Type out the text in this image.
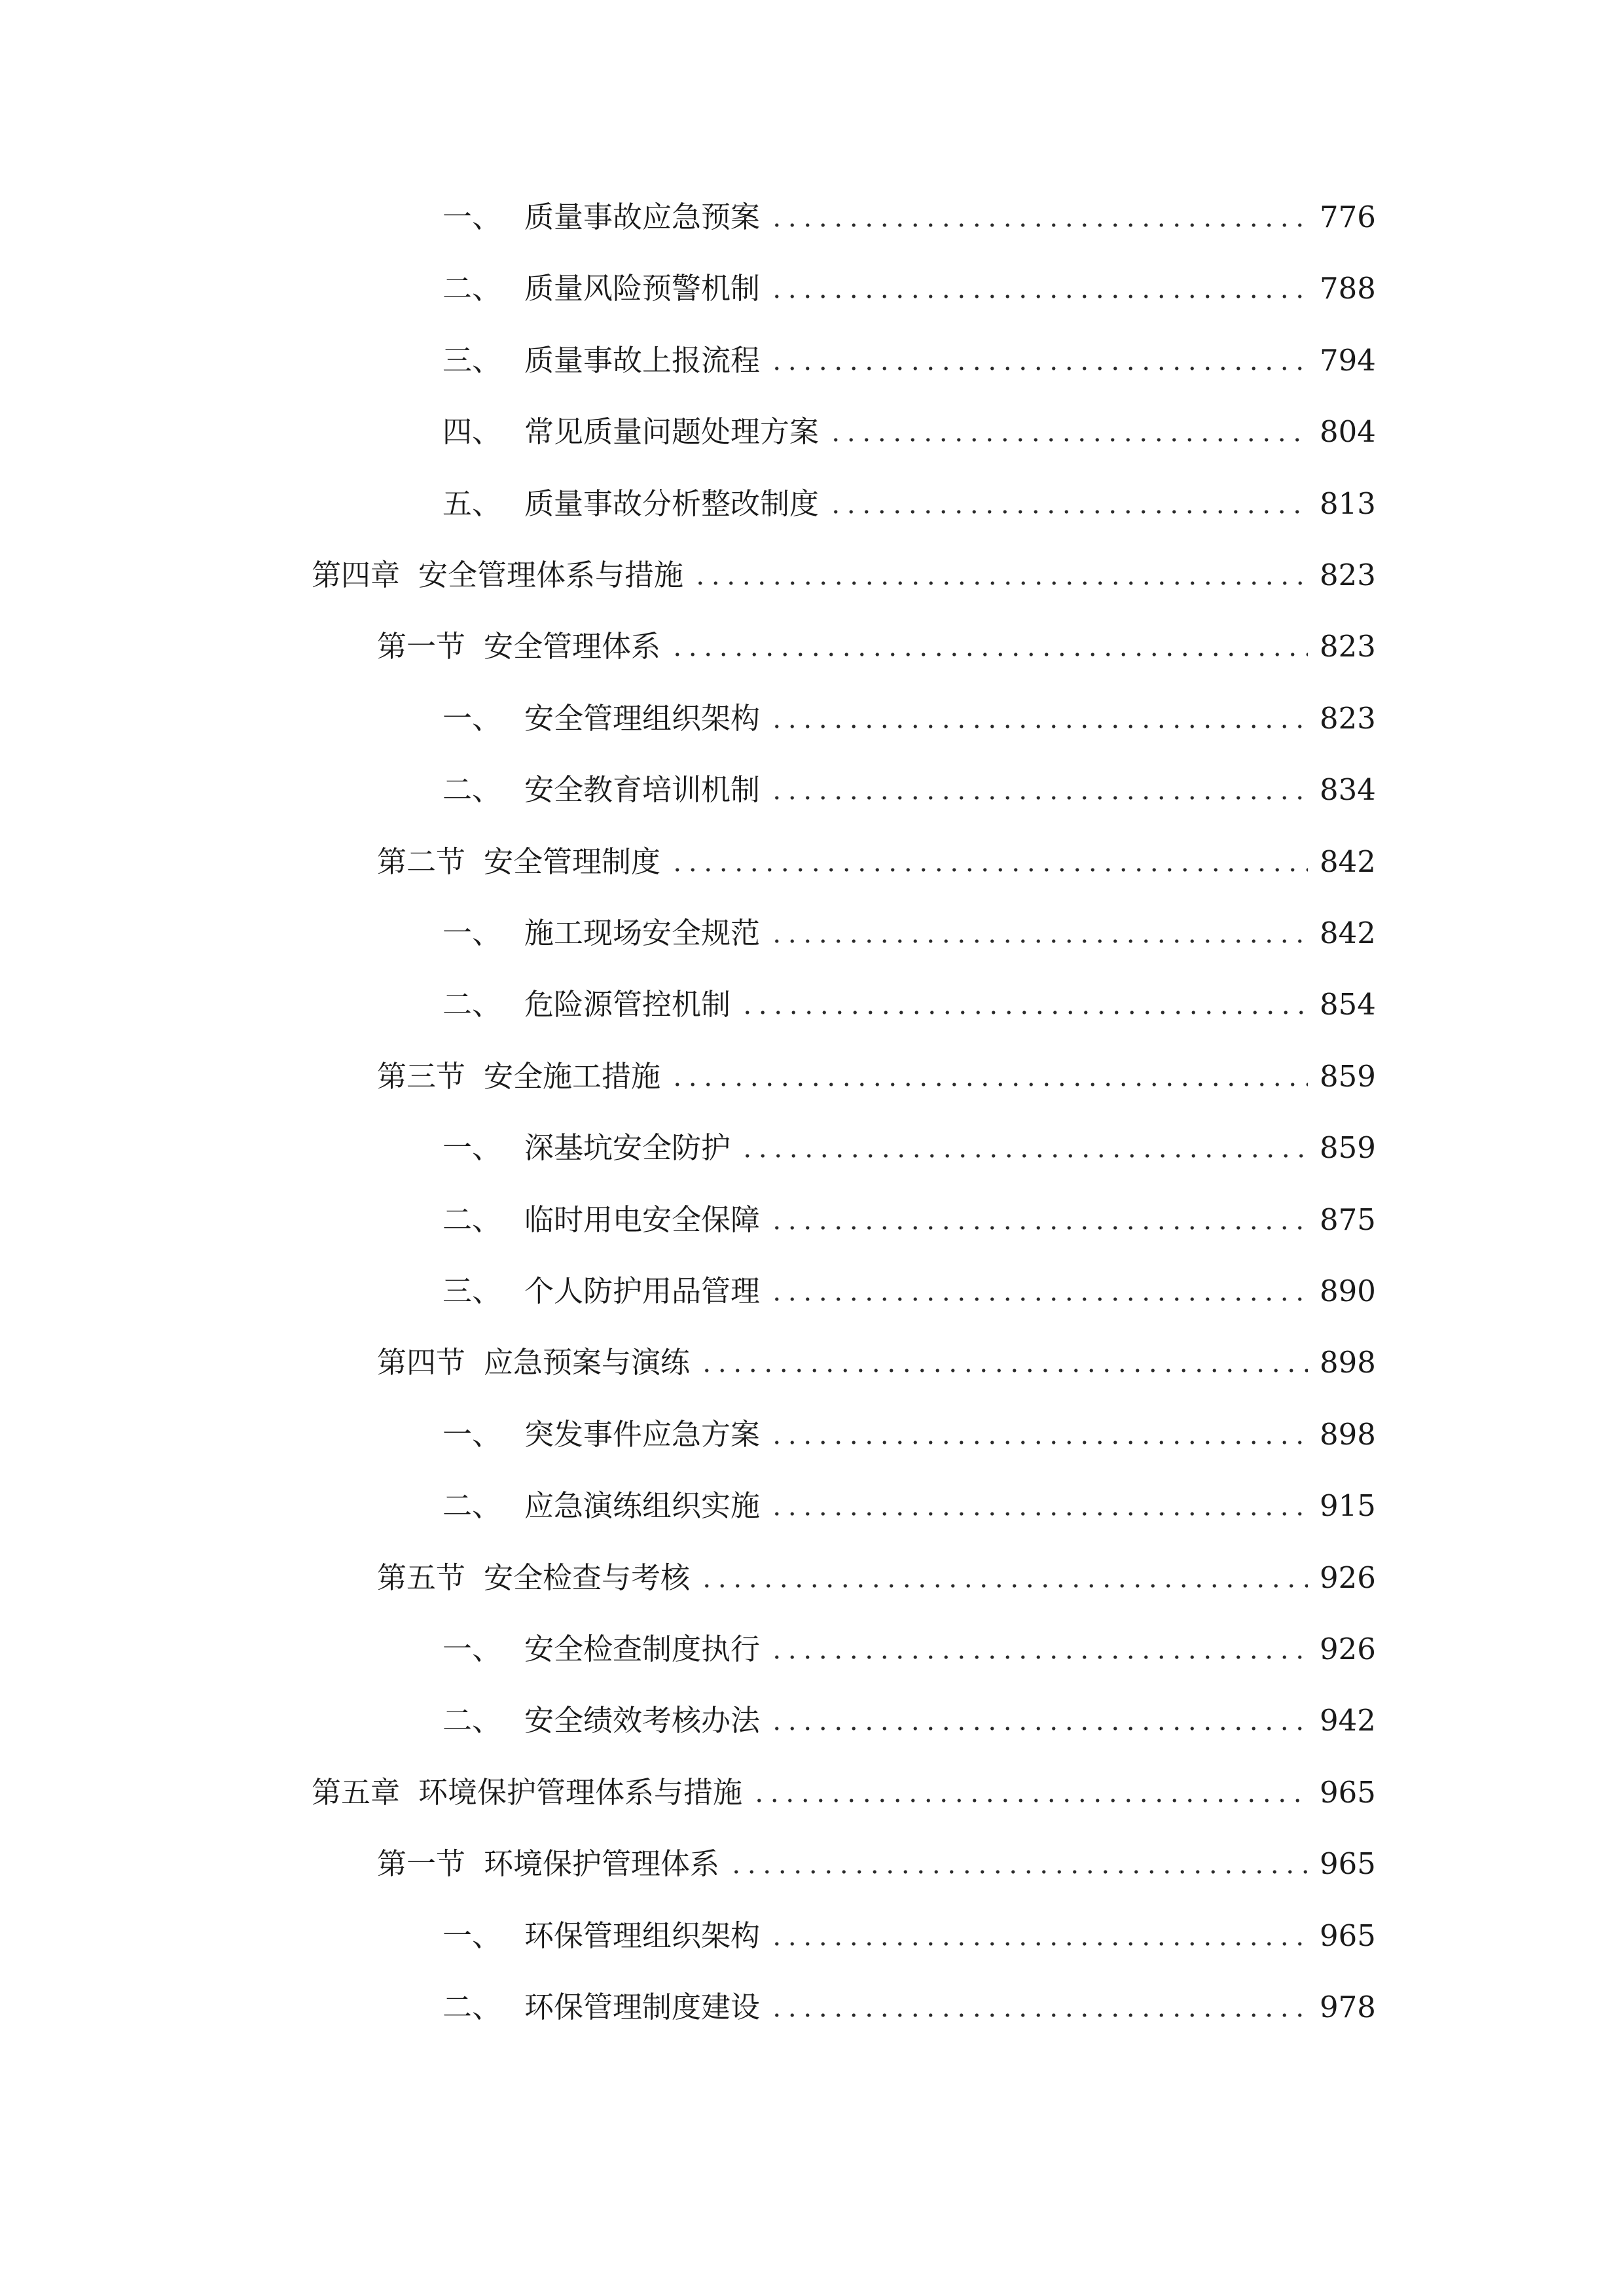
一、 质量事故应急预案	776
二、 质量风险预警机制	788
三、 质量事故上报流程	794
四、 常见质量问题处理方案	804
五、 质量事故分析整改制度	813
第四章 安全管理体系与措施	823
第一节 安全管理体系	823
一、 安全管理组织架构	823
二、 安全教育培训机制	834
第二节 安全管理制度	842
一、 施工现场安全规范	842
二、 危险源管控机制	854
第三节 安全施工措施	859
一、 深基坑安全防护	859
二、 临时用电安全保障	875
三、 个人防护用品管理	890
第四节 应急预案与演练	898
一、 突发事件应急方案	898
二、 应急演练组织实施	915
第五节 安全检查与考核	926
一、 安全检查制度执行	926
二、 安全绩效考核办法	942
第五章 环境保护管理体系与措施	965
第一节 环境保护管理体系	965
一、 环保管理组织架构	965
二、 环保管理制度建设	978
